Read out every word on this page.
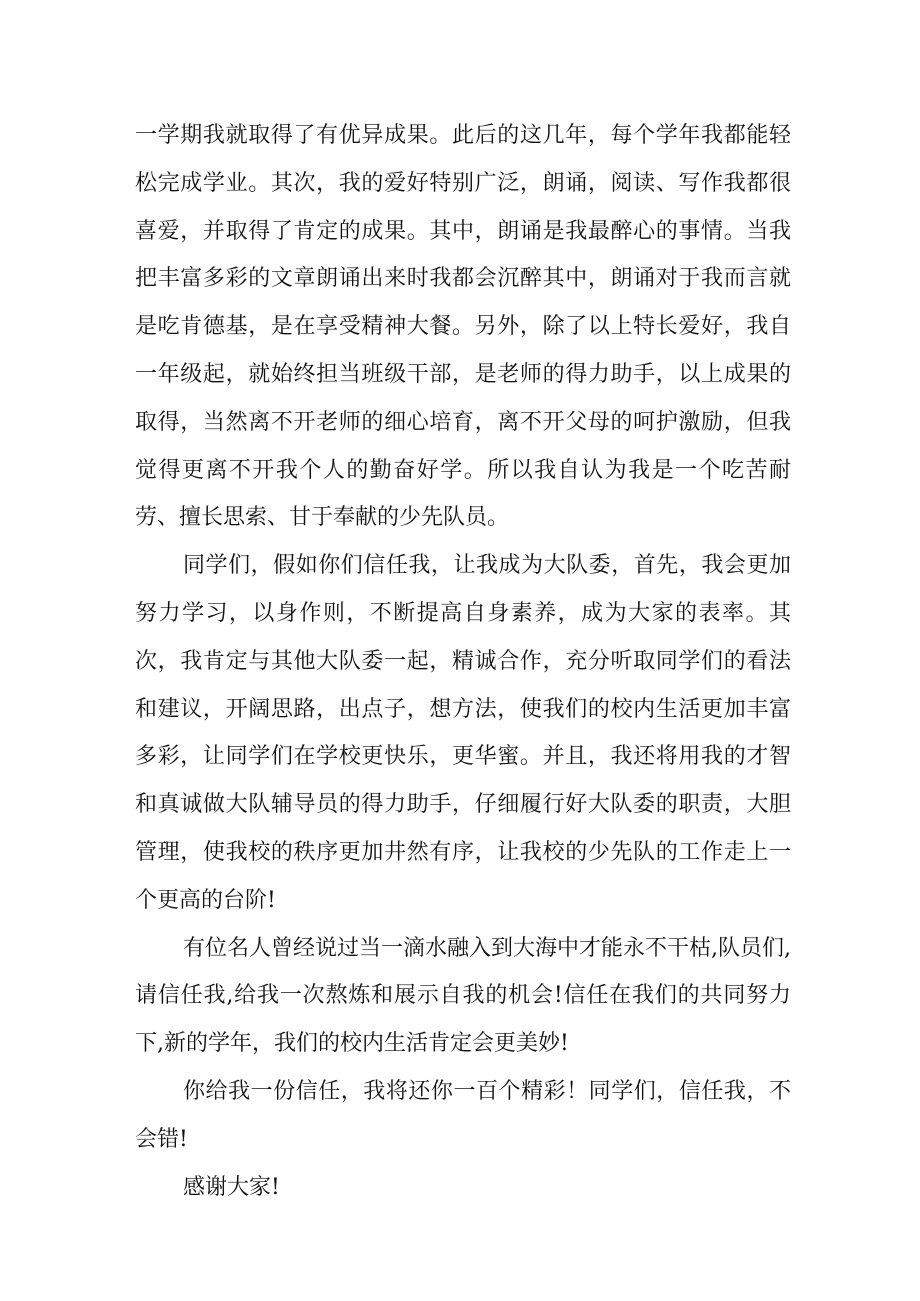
一学期我就取得了有优异成果。此后的这几年，每个学年我都能轻松完成学业。其次，我的爱好特别广泛，朗诵，阅读、写作我都很喜爱，并取得了肯定的成果。其中，朗诵是我最醉心的事情。当我把丰富多彩的文章朗诵出来时我都会沉醉其中，朗诵对于我而言就是吃肯德基，是在享受精神大餐。另外，除了以上特长爱好，我自一年级起，就始终担当班级干部，是老师的得力助手，以上成果的取得，当然离不开老师的细心培育，离不开父母的呵护激励，但我觉得更离不开我个人的勤奋好学。所以我自认为我是一个吃苦耐劳、擅长思索、甘于奉献的少先队员。

同学们，假如你们信任我，让我成为大队委，首先，我会更加努力学习，以身作则，不断提高自身素养，成为大家的表率。其次，我肯定与其他大队委一起，精诚合作，充分听取同学们的看法和建议，开阔思路，出点子，想方法，使我们的校内生活更加丰富多彩，让同学们在学校更快乐，更华蜜。并且，我还将用我的才智和真诚做大队辅导员的得力助手，仔细履行好大队委的职责，大胆管理，使我校的秩序更加井然有序，让我校的少先队的工作走上一个更高的台阶!

有位名人曾经说过当一滴水融入到大海中才能永不干枯,队员们,请信任我,给我一次熬炼和展示自我的机会!信任在我们的共同努力下,新的学年，我们的校内生活肯定会更美妙!

你给我一份信任，我将还你一百个精彩！同学们，信任我，不会错!

感谢大家!
